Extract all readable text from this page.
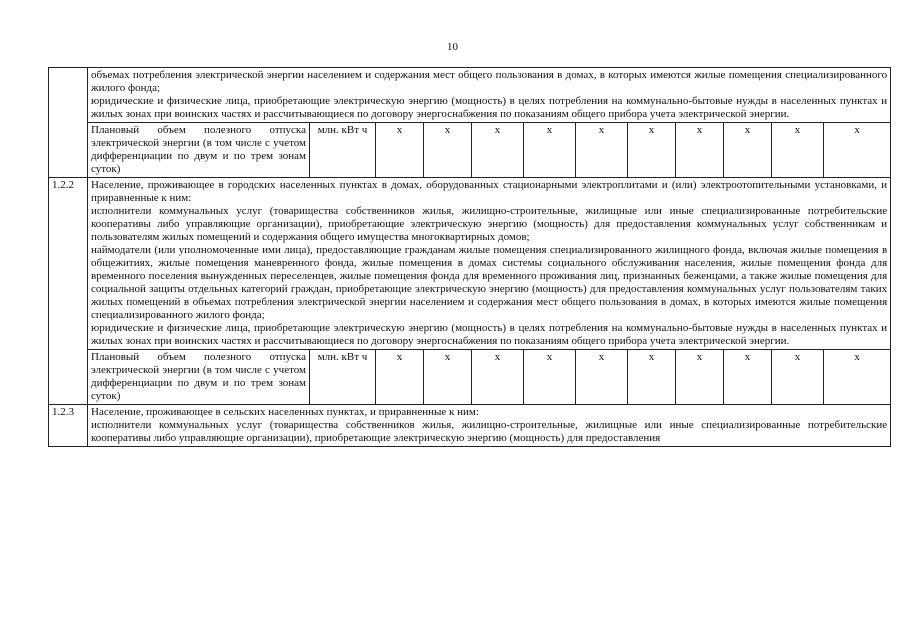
10

	объемах потребления электрической энергии населением и содержания мест общего пользования в домах, в которых имеются жилые помещения специализированного жилого фонда;

юридические и физические лица, приобретающие электрическую энергию (мощность) в целях потребления на коммунально-бытовые нужды в населенных пунктах и жилых зонах при воинских частях и рассчитывающиеся по договору энергоснабжения по показаниям общего прибора учета электрической энергии.											

	Плановый объем полезного отпуска электрической энергии (в том числе с учетом дифференциации по двум и по трем зонам суток)	млн. кВт ч	x	x	x	x	x	x	x	x	x	x
1.2.2	Население, проживающее в городских населенных пунктах в домах, оборудованных стационарными электроплитами и (или) электроотопительными установками, и приравненные к ним:

исполнители коммунальных услуг (товарищества собственников жилья, жилищно-строительные, жилищные или иные специализированные потребительские кооперативы либо управляющие организации), приобретающие электрическую энергию (мощность) для предоставления коммунальных услуг собственникам и пользователям жилых помещений и содержания общего имущества многоквартирных домов;

наймодатели (или уполномоченные ими лица), предоставляющие гражданам жилые помещения специализированного жилищного фонда, включая жилые помещения в общежитиях, жилые помещения маневренного фонда, жилые помещения в домах системы социального обслуживания населения, жилые помещения фонда для временного поселения вынужденных переселенцев, жилые помещения фонда для временного проживания лиц, признанных беженцами, а также жилые помещения для социальной защиты отдельных категорий граждан, приобретающие электрическую энергию (мощность) для предоставления коммунальных услуг пользователям таких жилых помещений в объемах потребления электрической энергии населением и содержания мест общего пользования в домах, в которых имеются жилые помещения специализированного жилого фонда;

юридические и физические лица, приобретающие электрическую энергию (мощность) в целях потребления на коммунально-бытовые нужды в населенных пунктах и жилых зонах при воинских частях и рассчитывающиеся по договору энергоснабжения по показаниям общего прибора учета электрической энергии.											

	Плановый объем полезного отпуска электрической энергии (в том числе с учетом дифференциации по двум и по трем зонам суток)	млн. кВт ч	x	x	x	x	x	x	x	x	x	x
1.2.3	Население, проживающее в сельских населенных пунктах, и приравненные к ним:

исполнители коммунальных услуг (товарищества собственников жилья, жилищно-строительные, жилищные или иные специализированные потребительские кооперативы либо управляющие организации), приобретающие электрическую энергию (мощность) для предоставления											
